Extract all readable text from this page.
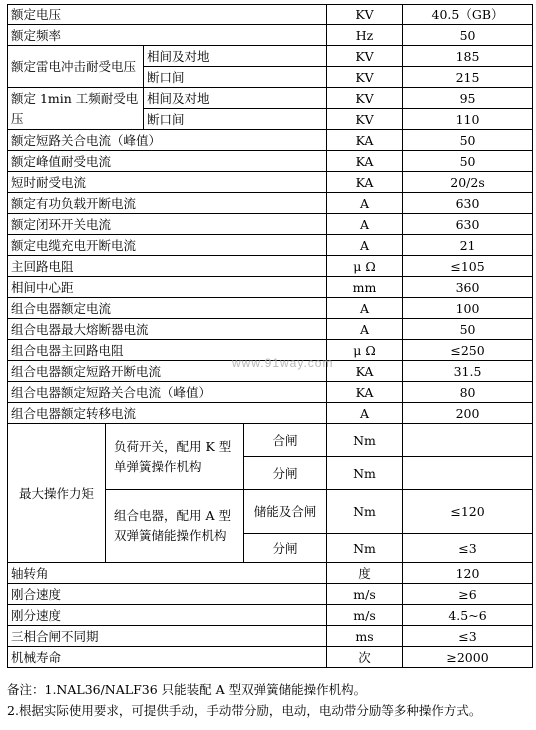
额定电压				KV	40.5（GB）
额定频率				Hz	50
额定雷电冲击耐受电压		相间及对地		KV	185
		断口间		KV	215
额定 1min 工频耐受电压		相间及对地		KV	95
		断口间		KV	110
额定短路关合电流（峰值）				KA	50
额定峰值耐受电流				KA	50
短时耐受电流				KA	20/2s
额定有功负载开断电流				A	630
额定闭环开关电流				A	630
额定电缆充电开断电流				A	21
主回路电阻				μ Ω	≤105
相间中心距				mm	360
组合电器额定电流				A	100
组合电器最大熔断器电流				A	50
组合电器主回路电阻				μ Ω	≤250
组合电器额定短路开断电流				KA	31.5
组合电器额定短路关合电流（峰值）				KA	80
组合电器额定转移电流				A	200
最大操作力矩	负荷开关，配用 K 型单弹簧操作机构		合闸	Nm	
			分闸	Nm	
	组合电器，配用 A 型双弹簧储能操作机构		储能及合闸	Nm	≤120
			分闸	Nm	≤3
轴转角				度	120
刚合速度				m/s	≥6
刚分速度				m/s	4.5~6
三相合闸不同期				ms	≤3
机械寿命				次	≥2000
备注：1.NAL36/NALF36 只能装配 A 型双弹簧储能操作机构。
2.根据实际使用要求，可提供手动，手动带分励，电动，电动带分励等多种操作方式。
www.91way.com
